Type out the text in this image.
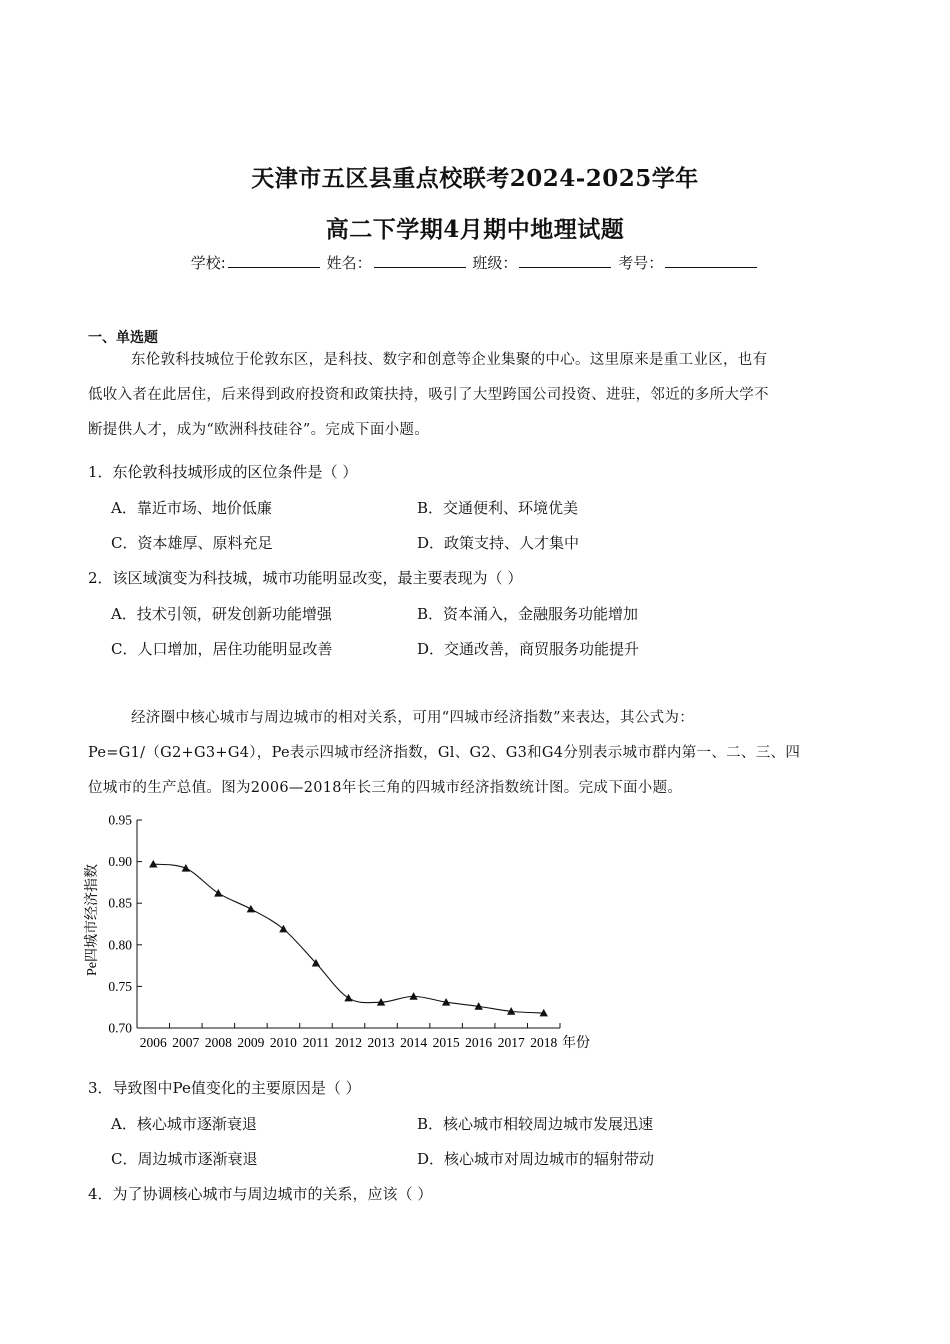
天津市五区县重点校联考2024-2025学年
高二下学期4月期中地理试题
学校:	姓名：	班级：	考号：
一、单选题
东伦敦科技城位于伦敦东区，是科技、数字和创意等企业集聚的中心。这里原来是重工业区，也有
低收入者在此居住，后来得到政府投资和政策扶持，吸引了大型跨国公司投资、进驻，邻近的多所大学不
断提供人才，成为“欧洲科技硅谷”。完成下面小题。
1．东伦敦科技城形成的区位条件是（ ）
A．靠近市场、地价低廉	B．交通便利、环境优美
C．资本雄厚、原料充足	D．政策支持、人才集中
2．该区域演变为科技城，城市功能明显改变，最主要表现为（ ）
A．技术引领，研发创新功能增强	B．资本涌入，金融服务功能增加
C．人口增加，居住功能明显改善	D．交通改善，商贸服务功能提升
经济圈中核心城市与周边城市的相对关系，可用“四城市经济指数”来表达，其公式为：
Pe=G1/（G2+G3+G4），Pe表示四城市经济指数，Gl、G2、G3和G4分别表示城市群内第一、二、三、四
位城市的生产总值。图为2006—2018年长三角的四城市经济指数统计图。完成下面小题。
0.95
0.90
0.85
0.80
0.75
0.70
2006 2007 2008 2009 2010 2011 2012 2013 2014 2015 2016 2017 2018
Pe四城市经济指数
年份
3．导致图中Pe值变化的主要原因是（ ）
A．核心城市逐渐衰退	B．核心城市相较周边城市发展迅速
C．周边城市逐渐衰退	D．核心城市对周边城市的辐射带动
4．为了协调核心城市与周边城市的关系，应该（ ）
